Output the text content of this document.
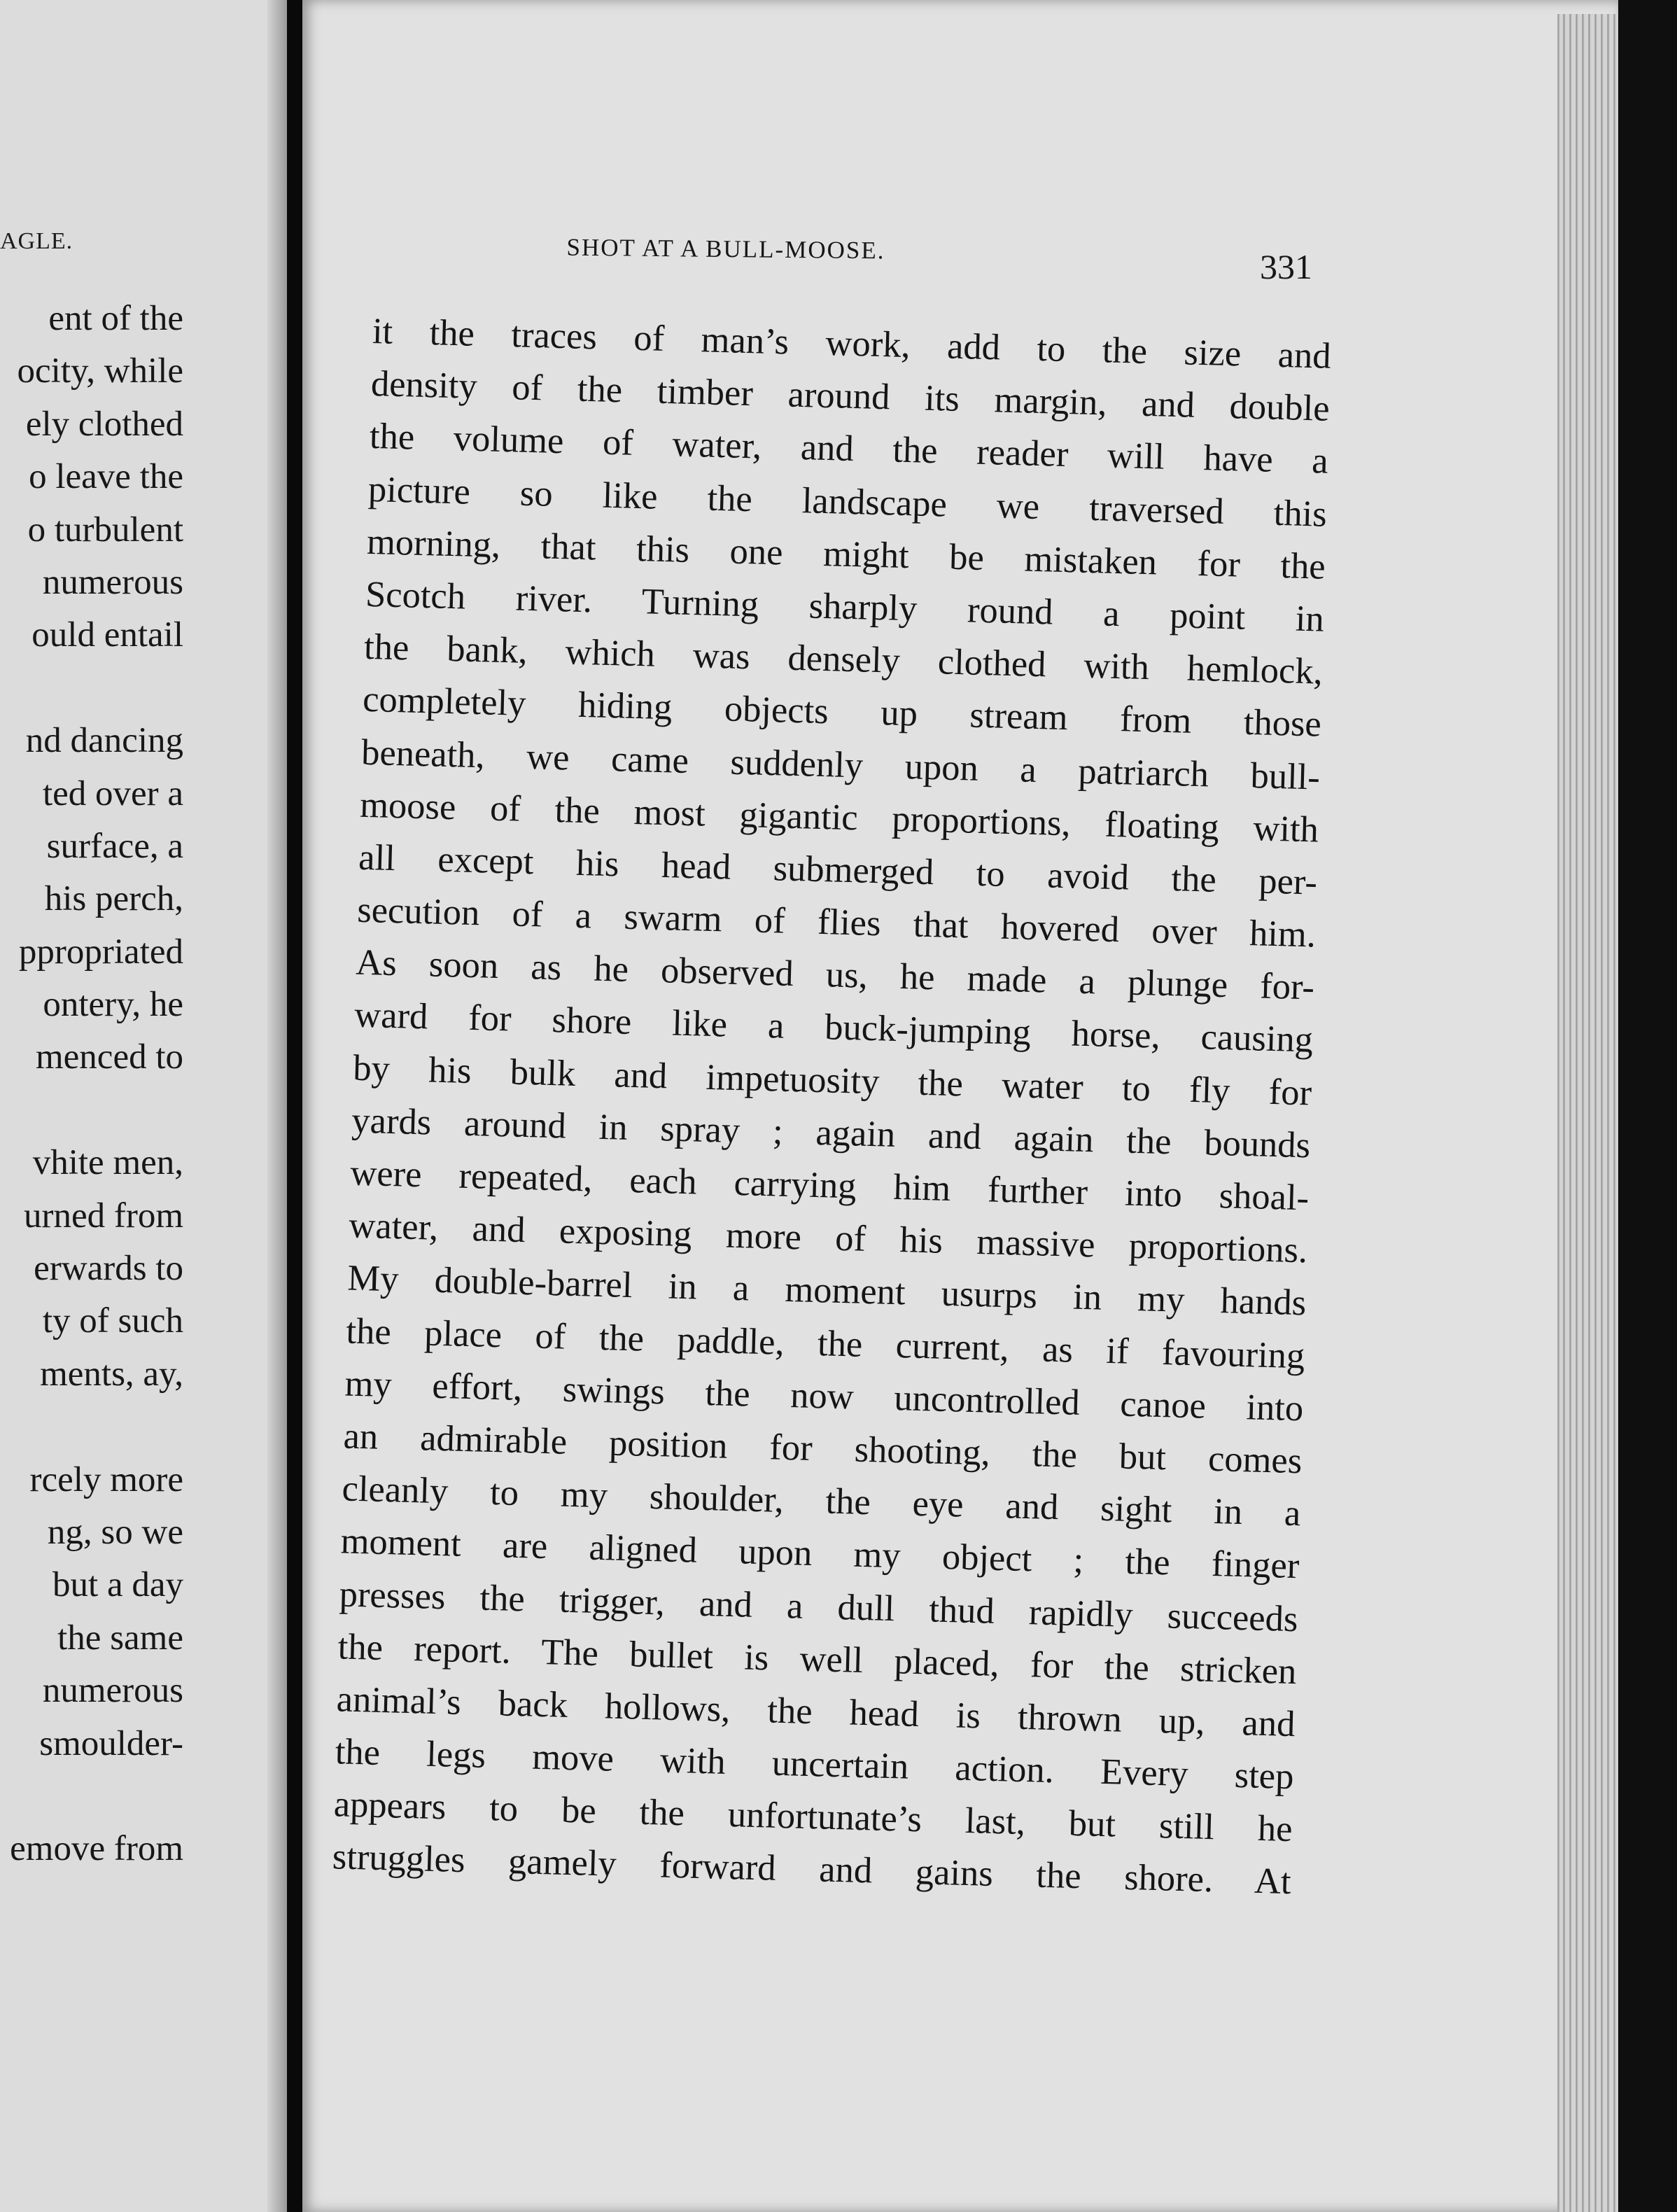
AGLE.
ent of the
ocity, while
ely clothed
o leave the
o turbulent
numerous
ould entail
nd dancing
ted over a
surface, a
his perch,
ppropriated
ontery, he
menced to
vhite men,
urned from
erwards to
ty of such
ments, ay,
rcely more
ng, so we
but a day
the same
numerous
smoulder-
emove from
SHOT AT A BULL-MOOSE.	331

it the traces of man’s work, add to the size and

density of the timber around its margin, and double

the volume of water, and the reader will have a

picture so like the landscape we traversed this

morning, that this one might be mistaken for the

Scotch river. Turning sharply round a point in

the bank, which was densely clothed with hemlock,

completely hiding objects up stream from those

beneath, we came suddenly upon a patriarch bull-

moose of the most gigantic proportions, floating with

all except his head submerged to avoid the per-

secution of a swarm of flies that hovered over him.

As soon as he observed us, he made a plunge for-

ward for shore like a buck-jumping horse, causing

by his bulk and impetuosity the water to fly for

yards around in spray ; again and again the bounds

were repeated, each carrying him further into shoal-

water, and exposing more of his massive proportions.

My double-barrel in a moment usurps in my hands

the place of the paddle, the current, as if favouring

my effort, swings the now uncontrolled canoe into

an admirable position for shooting, the but comes

cleanly to my shoulder, the eye and sight in a

moment are aligned upon my object ; the finger

presses the trigger, and a dull thud rapidly succeeds

the report. The bullet is well placed, for the stricken

animal’s back hollows, the head is thrown up, and

the legs move with uncertain action. Every step

appears to be the unfortunate’s last, but still he

struggles gamely forward and gains the shore. At
